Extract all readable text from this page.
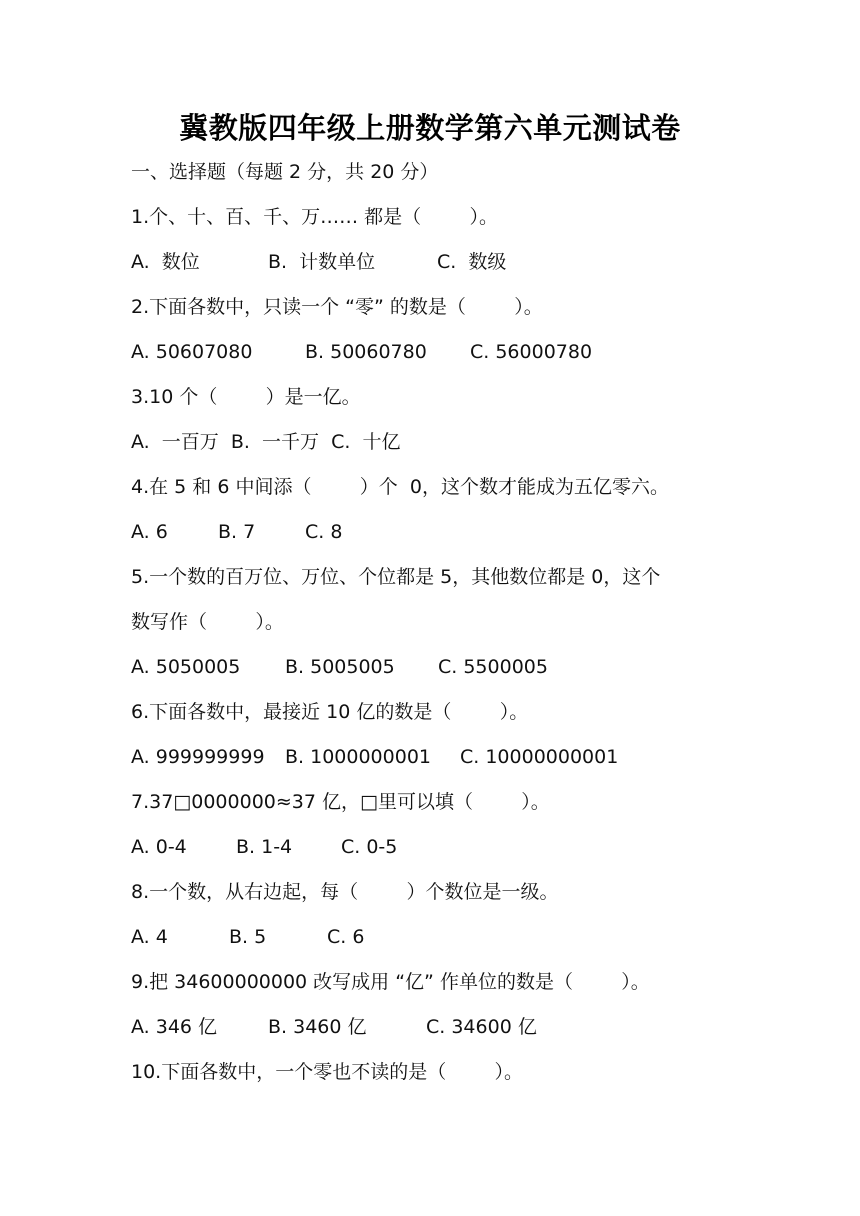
冀教版四年级上册数学第六单元测试卷
一、选择题（每题 2 分，共 20 分）
1.个、十、百、千、万…… 都是（        ）。
A.  数位	B.  计数单位	C.  数级
2.下面各数中，只读一个 “零” 的数是（        ）。
A. 50607080	B. 50060780 C. 56000780
3.10 个（        ）是一亿。
A.  一百万  B.  一千万  C.  十亿
4.在 5 和 6 中间添（        ）个  0，这个数才能成为五亿零六。
A. 6	B. 7	C. 8
5.一个数的百万位、万位、个位都是 5，其他数位都是 0，这个
数写作（        ）。
A. 5050005 B. 5005005 C. 5500005
6.下面各数中，最接近 10 亿的数是（        ）。
A. 999999999 B. 1000000001 C. 10000000001
7.37□0000000≈37 亿，□里可以填（        ）。
A. 0-4	B. 1-4	C. 0-5
8.一个数，从右边起，每（        ）个数位是一级。
A. 4	B. 5	C. 6
9.把 34600000000 改写成用 “亿” 作单位的数是（        ）。
A. 346 亿	B. 3460 亿	C. 34600 亿
10.下面各数中，一个零也不读的是（        ）。
